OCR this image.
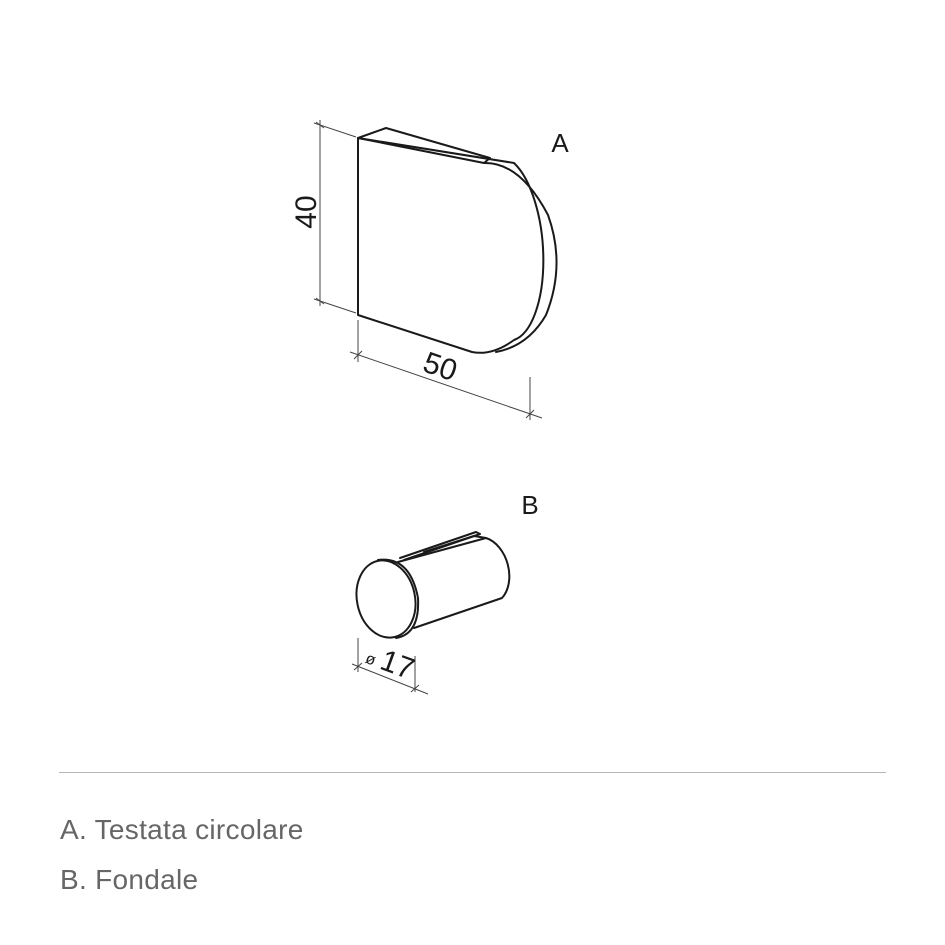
40
50
A
ø
17
B
A. Testata circolare
B. Fondale
